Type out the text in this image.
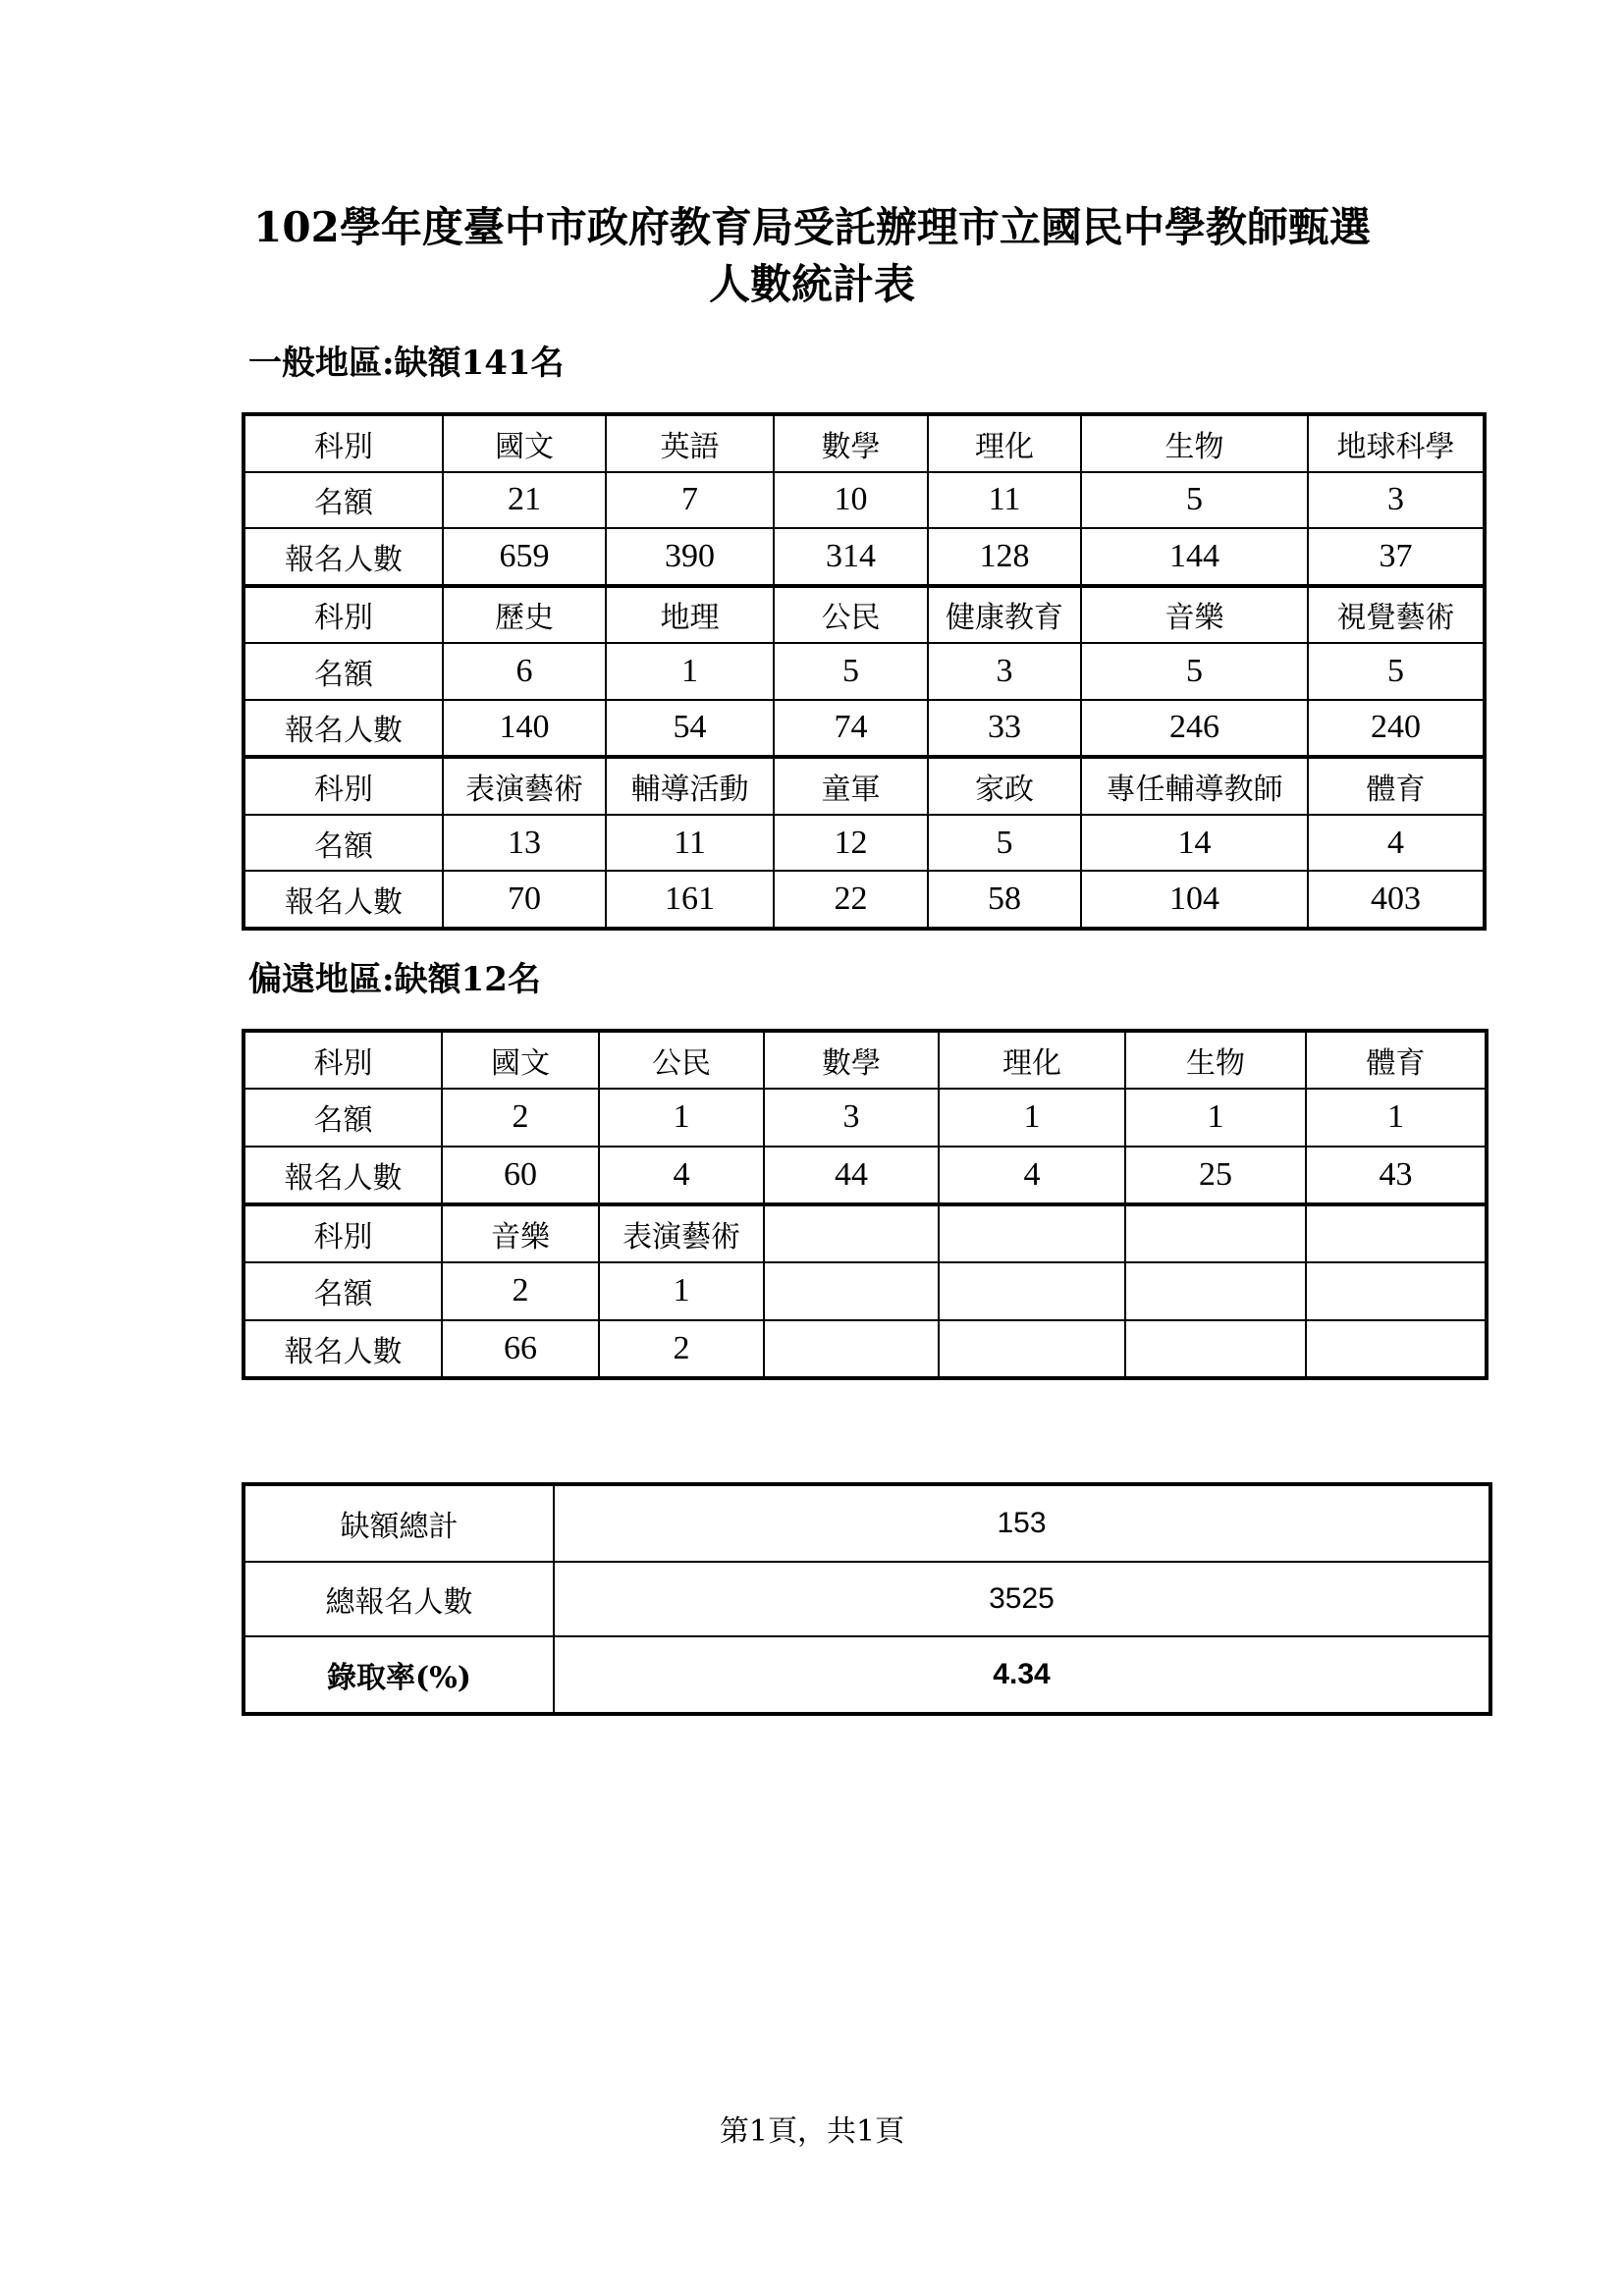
102學年度臺中市政府教育局受託辦理市立國民中學教師甄選
人數統計表
一般地區:缺額141名
科別	國文	英語	數學	理化	生物	地球科學
名額	21	7	10	11	5	3
報名人數	659	390	314	128	144	37
科別	歷史	地理	公民	健康教育	音樂	視覺藝術
名額	6	1	5	3	5	5
報名人數	140	54	74	33	246	240
科別	表演藝術	輔導活動	童軍	家政	專任輔導教師	體育
名額	13	11	12	5	14	4
報名人數	70	161	22	58	104	403
偏遠地區:缺額12名
科別	國文	公民	數學	理化	生物	體育
名額	2	1	3	1	1	1
報名人數	60	4	44	4	25	43
科別	音樂	表演藝術				
名額	2	1				
報名人數	66	2				
缺額總計	153
總報名人數	3525
錄取率(%)	4.34
第1頁，共1頁
